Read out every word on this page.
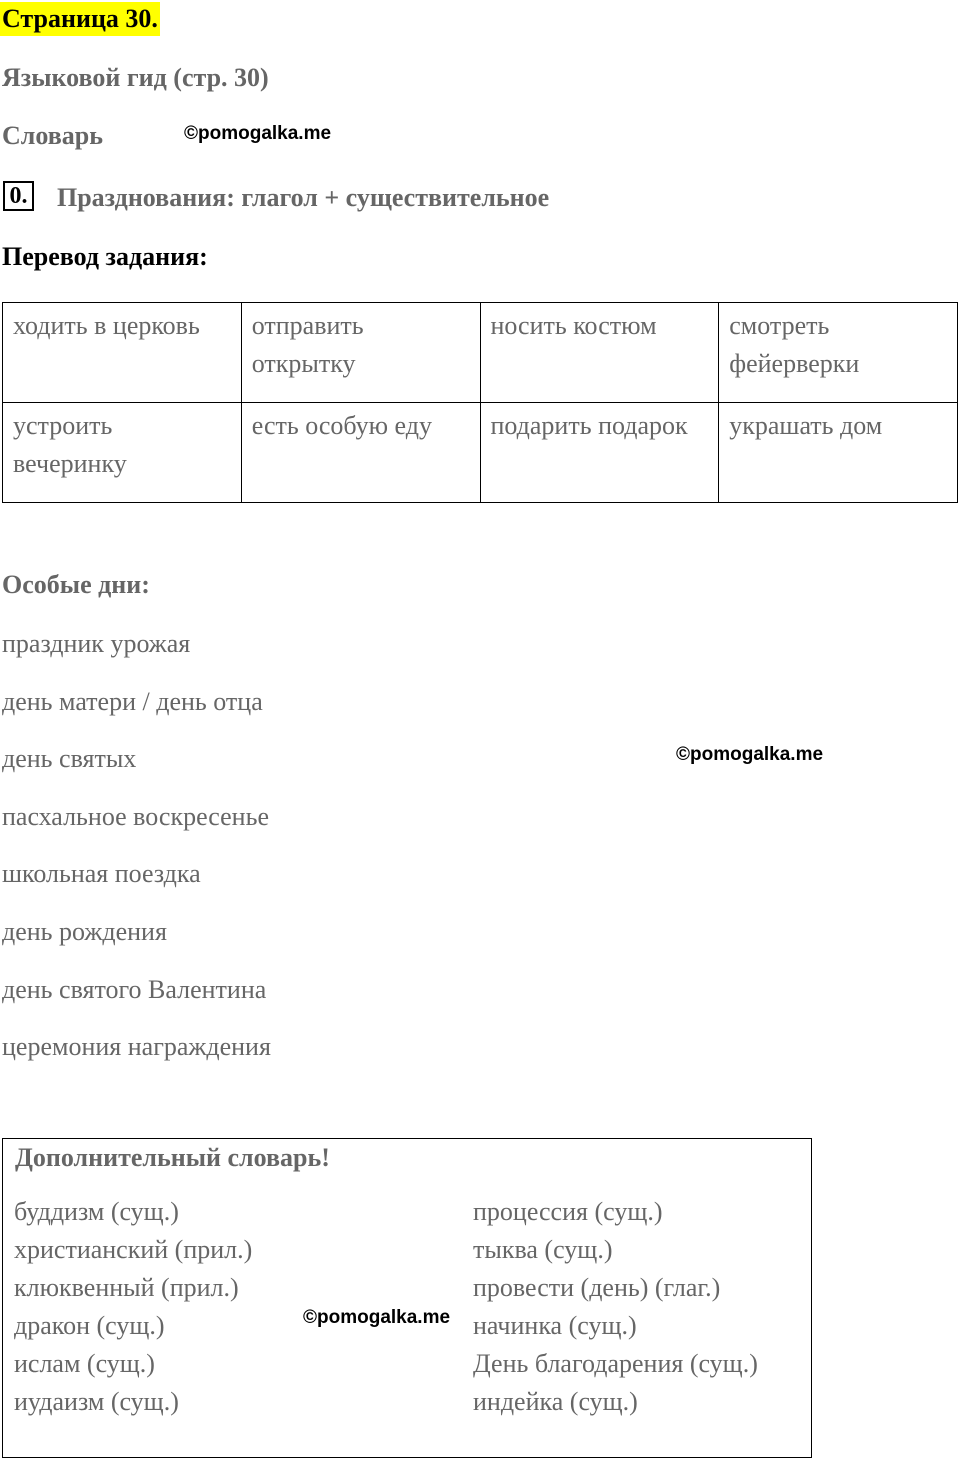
Страница 30.
Языковой гид (стр. 30)
Словарь	©pomogalka.me
0. Празднования: глагол + существительное
Перевод задания:
ходить в церковь	отправить открытку	носить костюм	смотреть фейерверки
устроить вечеринку	есть особую еду	подарить подарок	украшать дом
Особые дни:
праздник урожая
день матери / день отца
день святых
пасхальное воскресенье
школьная поездка
день рождения
день святого Валентина
церемония награждения
©pomogalka.me
Дополнительный словарь!
буддизм (сущ.)
христианский (прил.)
клюквенный (прил.)
дракон (сущ.)
ислам (сущ.)
иудаизм (сущ.)
процессия (сущ.)
тыква (сущ.)
провести (день) (глаг.)
начинка (сущ.)
День благодарения (сущ.)
индейка (сущ.)
©pomogalka.me
